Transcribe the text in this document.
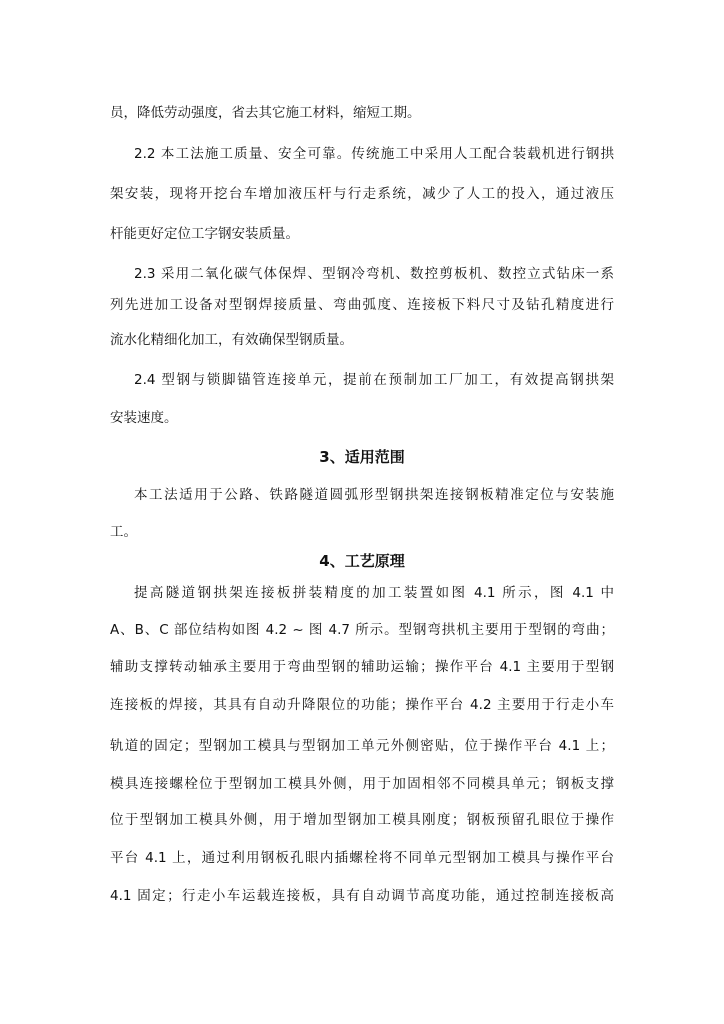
员，降低劳动强度，省去其它施工材料，缩短工期。
2.2 本工法施工质量、安全可靠。传统施工中采用人工配合装载机进行钢拱
架安装，现将开挖台车增加液压杆与行走系统，减少了人工的投入，通过液压
杆能更好定位工字钢安装质量。
2.3 采用二氧化碳气体保焊、型钢冷弯机、数控剪板机、数控立式钻床一系
列先进加工设备对型钢焊接质量、弯曲弧度、连接板下料尺寸及钻孔精度进行
流水化精细化加工，有效确保型钢质量。
2.4 型钢与锁脚锚管连接单元，提前在预制加工厂加工，有效提高钢拱架
安装速度。
3、适用范围
本工法适用于公路、铁路隧道圆弧形型钢拱架连接钢板精准定位与安装施
工。
4、工艺原理
提高隧道钢拱架连接板拼装精度的加工装置如图 4.1 所示，图 4.1 中
A、B、C 部位结构如图 4.2 ~ 图 4.7 所示。型钢弯拱机主要用于型钢的弯曲；
辅助支撑转动轴承主要用于弯曲型钢的辅助运输；操作平台 4.1 主要用于型钢
连接板的焊接，其具有自动升降限位的功能；操作平台 4.2 主要用于行走小车
轨道的固定；型钢加工模具与型钢加工单元外侧密贴，位于操作平台 4.1 上；
模具连接螺栓位于型钢加工模具外侧，用于加固相邻不同模具单元；钢板支撑
位于型钢加工模具外侧，用于增加型钢加工模具刚度；钢板预留孔眼位于操作
平台 4.1 上，通过利用钢板孔眼内插螺栓将不同单元型钢加工模具与操作平台
4.1 固定；行走小车运载连接板，具有自动调节高度功能，通过控制连接板高
